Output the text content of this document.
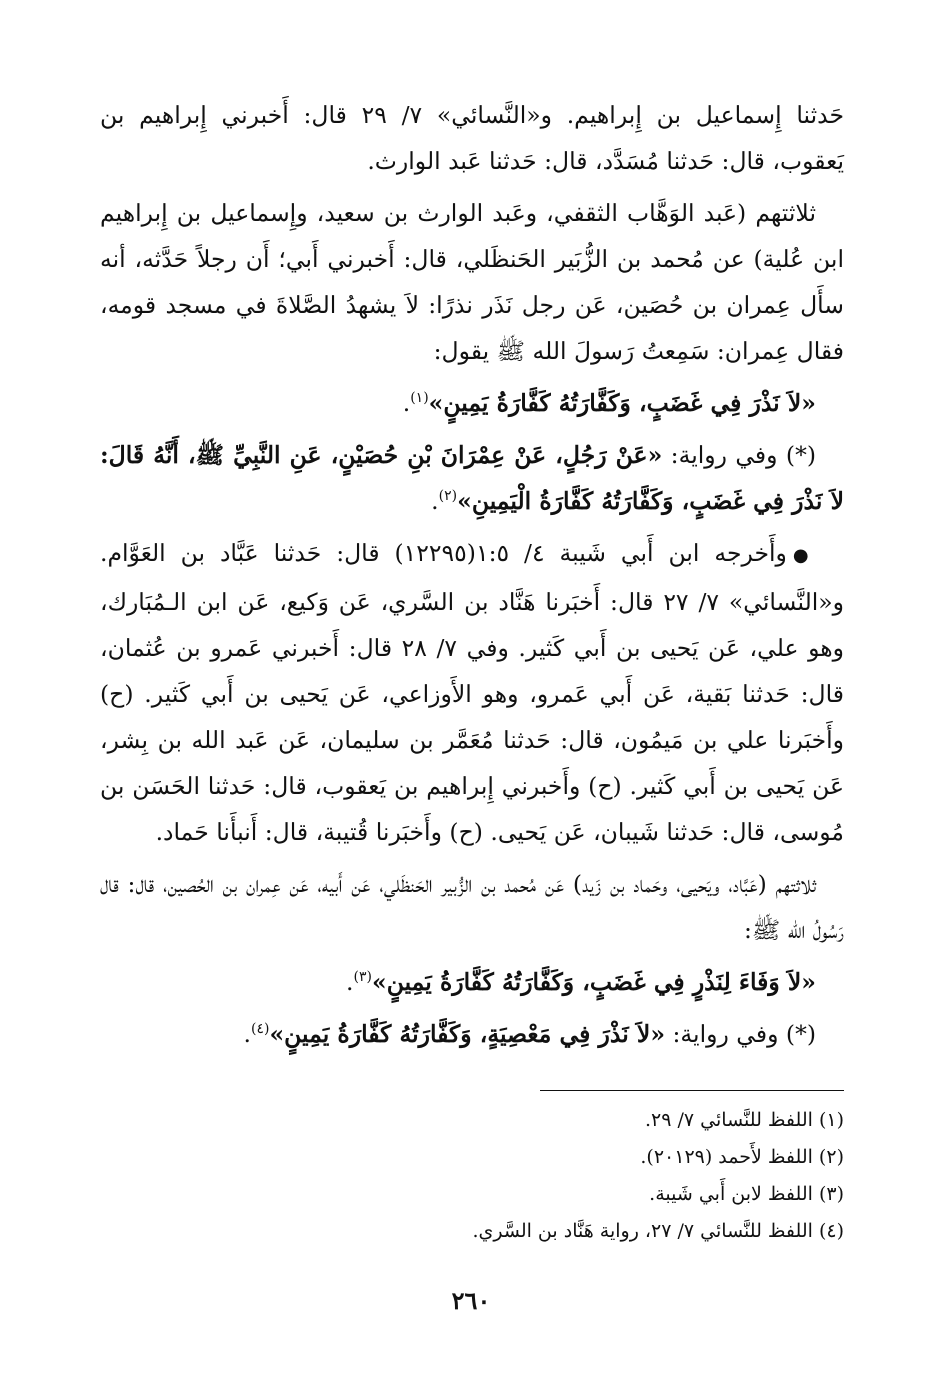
حَدثنا إِسماعيل بن إِبراهيم. و«النَّسائي» ٧/ ٢٩ قال: أَخبرني إِبراهيم بن يَعقوب، قال: حَدثنا مُسَدَّد، قال: حَدثنا عَبد الوارث.

ثلاثتهم (عَبد الوَهَّاب الثقفي، وعَبد الوارث بن سعيد، وإِسماعيل بن إِبراهيم ابن عُلية) عن مُحمد بن الزُّبَير الحَنظَلي، قال: أَخبرني أَبي؛ أَن رجلاً حَدَّثه، أنه سأَل عِمران بن حُصَين، عَن رجل نَذَر نذرًا: لاَ يشهدُ الصَّلاةَ في مسجد قومه، فقال عِمران: سَمِعتُ رَسولَ الله ﷺ يقول:

«لاَ نَذْرَ فِي غَضَبٍ، وَكَفَّارَتُهُ كَفَّارَةُ يَمِينٍ»$^{(١)}$.

(*) وفي رواية: «عَنْ رَجُلٍ، عَنْ عِمْرَانَ بْنِ حُصَيْنٍ، عَنِ النَّبِيِّ ﷺ، أَنَّهُ قَالَ: لاَ نَذْرَ فِي غَضَبٍ، وَكَفَّارَتُهُ كَفَّارَةُ الْيَمِينِ»$^{(٢)}$.

●وأَخرجه ابن أَبي شَيبة ٤/ ١:٥(١٢٢٩٥) قال: حَدثنا عَبَّاد بن العَوَّام. و«النَّسائي» ٧/ ٢٧ قال: أَخبَرنا هَنَّاد بن السَّري، عَن وَكيع، عَن ابن الـمُبَارك، وهو علي، عَن يَحيى بن أَبي كَثير. وفي ٧/ ٢٨ قال: أَخبرني عَمرو بن عُثمان، قال: حَدثنا بَقية، عَن أَبي عَمرو، وهو الأَوزاعي، عَن يَحيى بن أَبي كَثير. (ح) وأَخبَرنا علي بن مَيمُون، قال: حَدثنا مُعَمَّر بن سليمان، عَن عَبد الله بن بِشر، عَن يَحيى بن أَبي كَثير. (ح) وأَخبرني إِبراهيم بن يَعقوب، قال: حَدثنا الحَسَن بن مُوسى، قال: حَدثنا شَيبان، عَن يَحيى. (ح) وأَخبَرنا قُتيبة، قال: أَنبأَنا حَماد.

ثلاثتهم (عَبَّاد، ويَحيى، وحَماد بن زَيد) عَن مُحمد بن الزُّبير الحَنظَلي، عَن أَبيه، عَن عِمران بن الحُصين، قال: قال رَسُولُ الله ﷺ:

«لاَ وَفَاءَ لِنَذْرٍ فِي غَضَبٍ، وَكَفَّارَتُهُ كَفَّارَةُ يَمِينٍ»$^{(٣)}$.

(*) وفي رواية: «لاَ نَذْرَ فِي مَعْصِيَةٍ، وَكَفَّارَتُهُ كَفَّارَةُ يَمِينٍ»$^{(٤)}$.

(١) اللفظ للنَّسائي ٧/ ٢٩.
(٢) اللفظ لأَحمد (٢٠١٢٩).
(٣) اللفظ لابن أَبي شَيبة.
(٤) اللفظ للنَّسائي ٧/ ٢٧، رواية هَنَّاد بن السَّري.
٢٦٠
